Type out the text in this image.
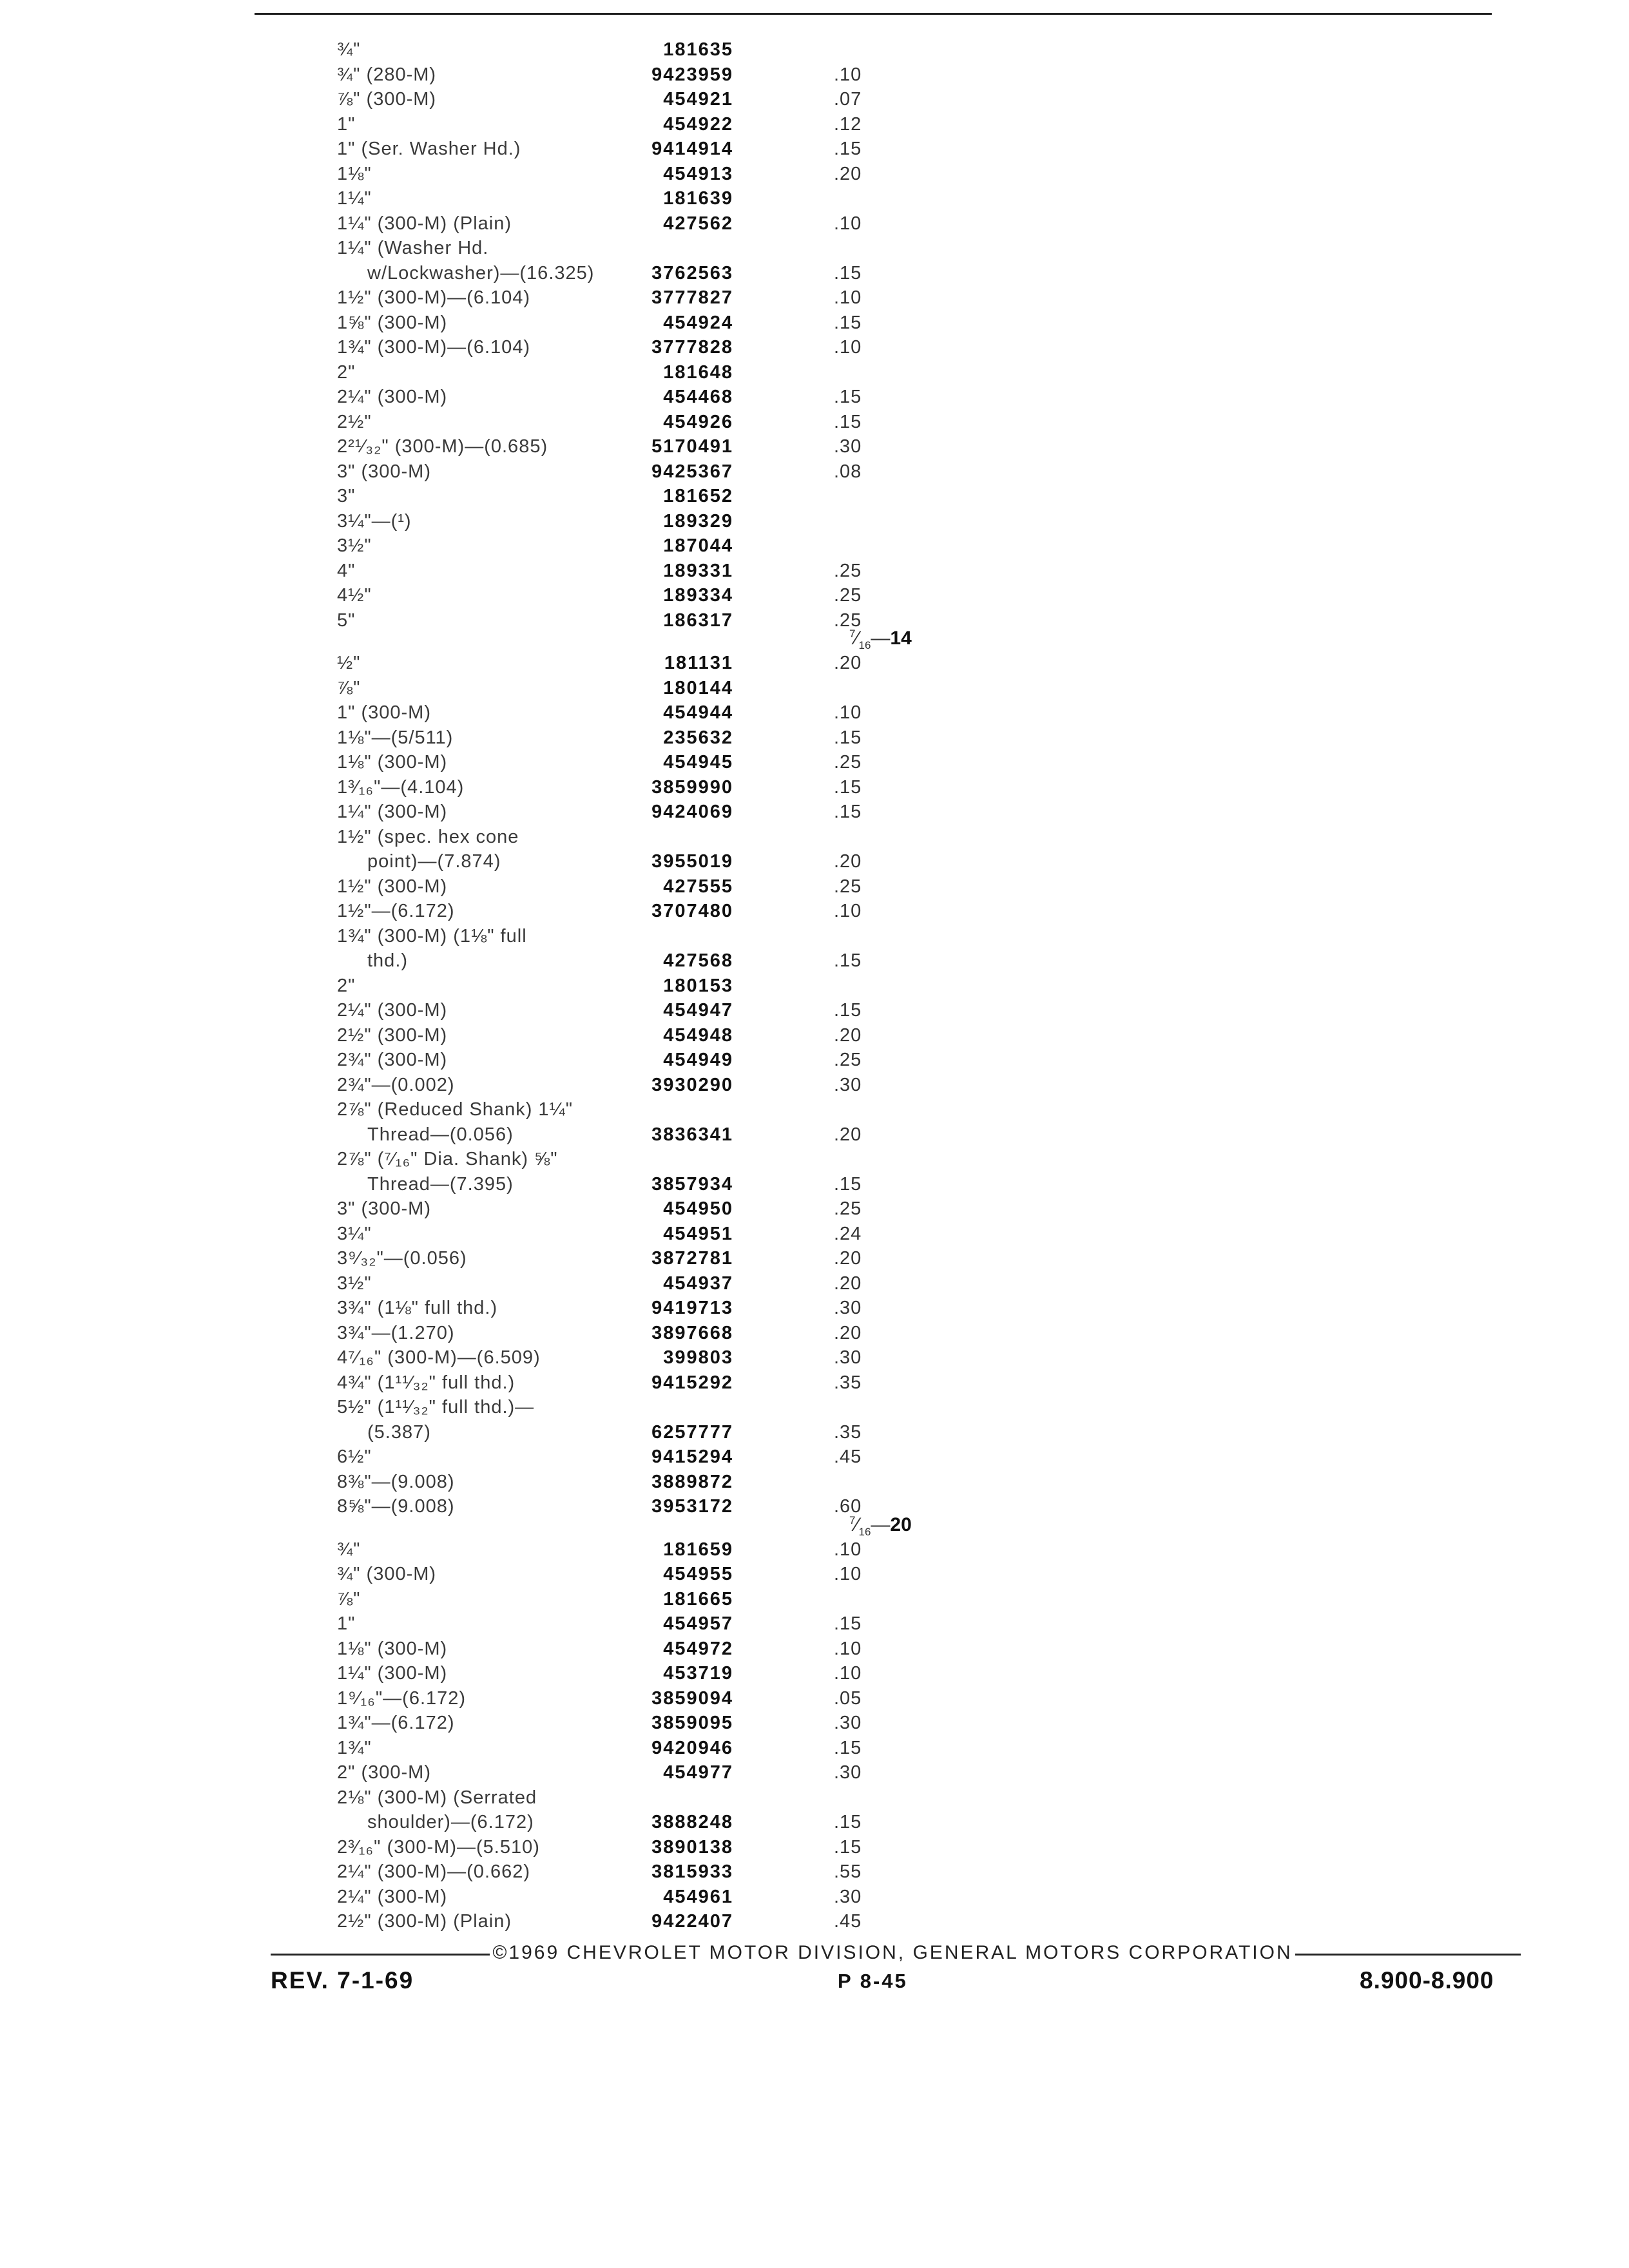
¾"	181635
¾" (280-M)	9423959	.10
⅞" (300-M)	454921	.07
1"	454922	.12
1" (Ser. Washer Hd.)	9414914	.15
1⅛"	454913	.20
1¼"	181639
1¼" (300-M) (Plain)	427562	.10
1¼" (Washer Hd.
w/Lockwasher)—(16.325)	3762563	.15
1½" (300-M)—(6.104)	3777827	.10
1⅝" (300-M)	454924	.15
1¾" (300-M)—(6.104)	3777828	.10
2"	181648
2¼" (300-M)	454468	.15
2½"	454926	.15
2²¹⁄₃₂" (300-M)—(0.685)	5170491	.30
3" (300-M)	9425367	.08
3"	181652
3¼"—(¹)	189329
3½"	187044
4"	189331	.25
4½"	189334	.25
5"	186317	.25
$^7⁄_{16}—14$
½"	181131	.20
⅞"	180144
1" (300-M)	454944	.10
1⅛"—(5/511)	235632	.15
1⅛" (300-M)	454945	.25
1³⁄₁₆"—(4.104)	3859990	.15
1¼" (300-M)	9424069	.15
1½" (spec. hex cone
point)—(7.874)	3955019	.20
1½" (300-M)	427555	.25
1½"—(6.172)	3707480	.10
1¾" (300-M) (1⅛" full
thd.)	427568	.15
2"	180153
2¼" (300-M)	454947	.15
2½" (300-M)	454948	.20
2¾" (300-M)	454949	.25
2¾"—(0.002)	3930290	.30
2⅞" (Reduced Shank) 1¼"
Thread—(0.056)	3836341	.20
2⅞" (⁷⁄₁₆" Dia. Shank) ⅝"
Thread—(7.395)	3857934	.15
3" (300-M)	454950	.25
3¼"	454951	.24
3⁹⁄₃₂"—(0.056)	3872781	.20
3½"	454937	.20
3¾" (1⅛" full thd.)	9419713	.30
3¾"—(1.270)	3897668	.20
4⁷⁄₁₆" (300-M)—(6.509)	399803	.30
4¾" (1¹¹⁄₃₂" full thd.)	9415292	.35
5½" (1¹¹⁄₃₂" full thd.)—
(5.387)	6257777	.35
6½"	9415294	.45
8⅜"—(9.008)	3889872
8⅝"—(9.008)	3953172	.60
$^7⁄_{16}—20$
¾"	181659	.10
¾" (300-M)	454955	.10
⅞"	181665
1"	454957	.15
1⅛" (300-M)	454972	.10
1¼" (300-M)	453719	.10
1⁹⁄₁₆"—(6.172)	3859094	.05
1¾"—(6.172)	3859095	.30
1¾"	9420946	.15
2" (300-M)	454977	.30
2⅛" (300-M) (Serrated
shoulder)—(6.172)	3888248	.15
2³⁄₁₆" (300-M)—(5.510)	3890138	.15
2¼" (300-M)—(0.662)	3815933	.55
2¼" (300-M)	454961	.30
2½" (300-M) (Plain)	9422407	.45
©1969 CHEVROLET MOTOR DIVISION, GENERAL MOTORS CORPORATION
REV. 7-1-69	P 8-45	8.900-8.900
